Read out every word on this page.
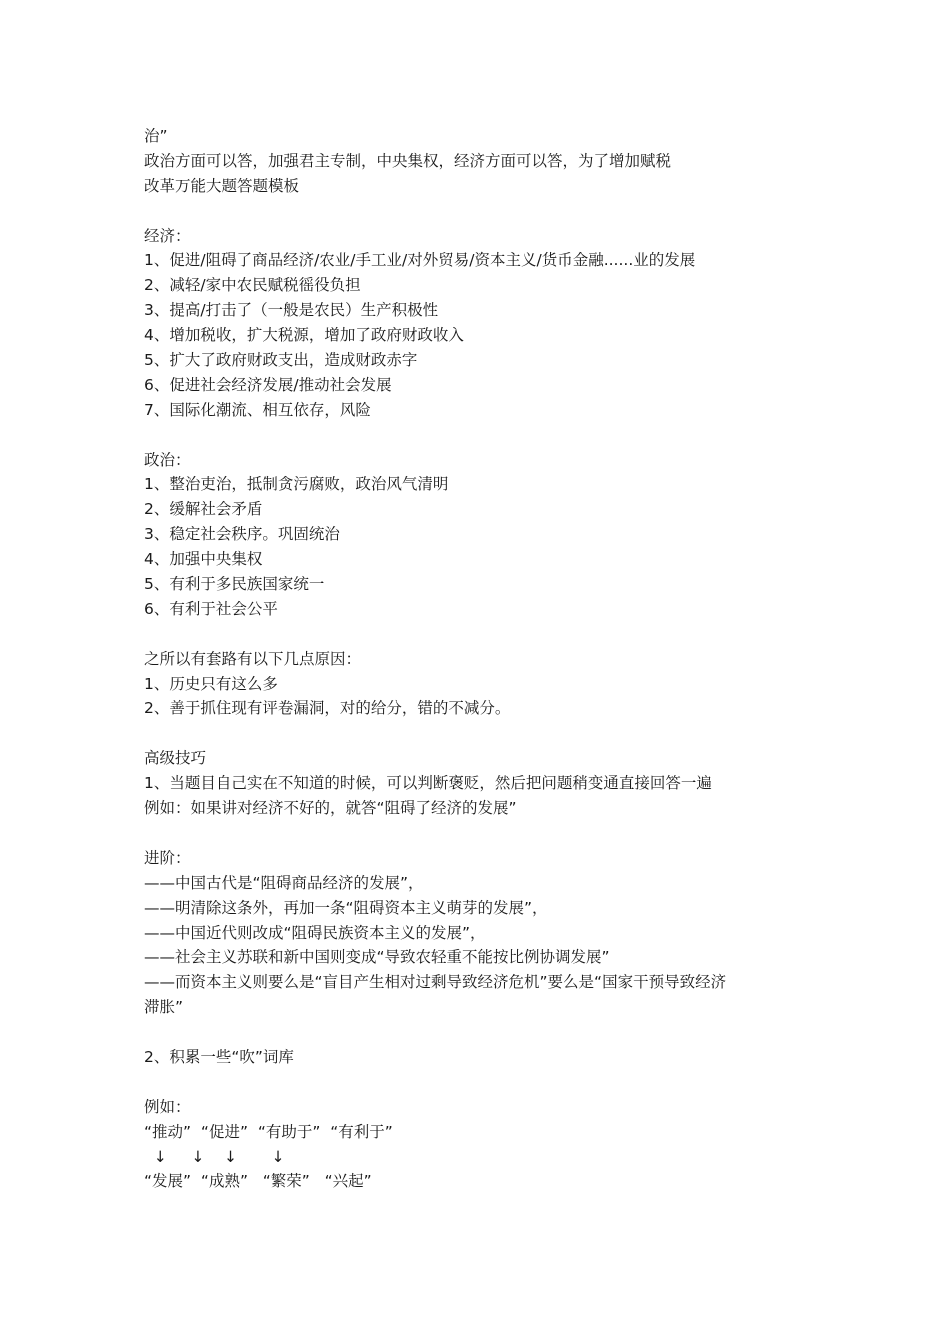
治”
政治方面可以答，加强君主专制，中央集权，经济方面可以答，为了增加赋税
改革万能大题答题模板
经济：
1、促进/阻碍了商品经济/农业/手工业/对外贸易/资本主义/货币金融......业的发展
2、减轻/家中农民赋税徭役负担
3、提高/打击了（一般是农民）生产积极性
4、增加税收，扩大税源，增加了政府财政收入
5、扩大了政府财政支出，造成财政赤字
6、促进社会经济发展/推动社会发展
7、国际化潮流、相互依存，风险
政治：
1、整治吏治，抵制贪污腐败，政治风气清明
2、缓解社会矛盾
3、稳定社会秩序。巩固统治
4、加强中央集权
5、有利于多民族国家统一
6、有利于社会公平
之所以有套路有以下几点原因：
1、历史只有这么多
2、善于抓住现有评卷漏洞，对的给分，错的不减分。
高级技巧
1、当题目自己实在不知道的时候，可以判断褒贬，然后把问题稍变通直接回答一遍
例如：如果讲对经济不好的，就答“阻碍了经济的发展”
进阶：
——中国古代是“阻碍商品经济的发展”，
——明清除这条外，再加一条“阻碍资本主义萌芽的发展”，
——中国近代则改成“阻碍民族资本主义的发展”，
——社会主义苏联和新中国则变成“导致农轻重不能按比例协调发展”
——而资本主义则要么是“盲目产生相对过剩导致经济危机”要么是“国家干预导致经济
滞胀”
2、积累一些“吹”词库
例如：
“推动”  “促进”  “有助于”  “有利于”
↓     ↓    ↓       ↓
“发展”  “成熟”   “繁荣”   “兴起”
